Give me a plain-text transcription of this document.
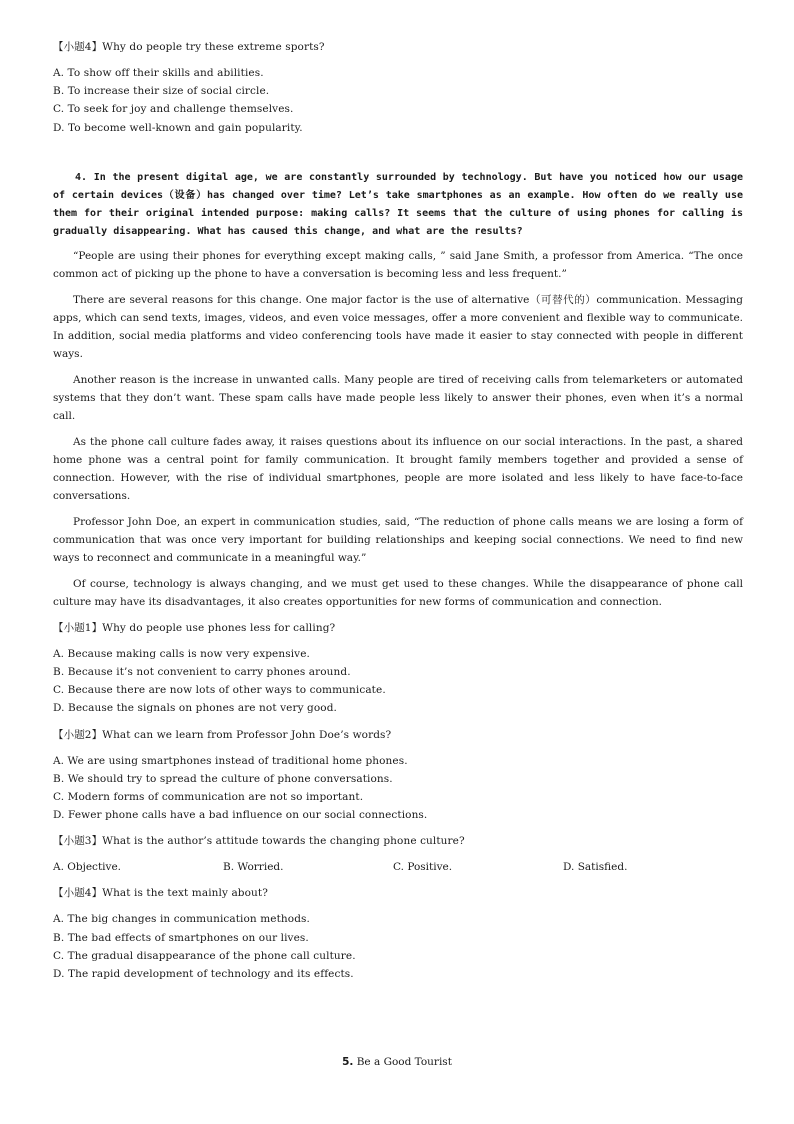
【小题4】Why do people try these extreme sports?
A. To show off their skills and abilities.
B. To increase their size of social circle.
C. To seek for joy and challenge themselves.
D. To become well-known and gain popularity.

4. In the present digital age, we are constantly surrounded by technology. But have you noticed how our usage of certain devices（设备）has changed over time? Let’s take smartphones as an example. How often do we really use them for their original intended purpose: making calls? It seems that the culture of using phones for calling is gradually disappearing. What has caused this change, and what are the results?

“People are using their phones for everything except making calls, ” said Jane Smith, a professor from America. “The once common act of picking up the phone to have a conversation is becoming less and less frequent.”

There are several reasons for this change. One major factor is the use of alternative（可替代的）communication. Messaging apps, which can send texts, images, videos, and even voice messages, offer a more convenient and flexible way to communicate. In addition, social media platforms and video conferencing tools have made it easier to stay connected with people in different ways.

Another reason is the increase in unwanted calls. Many people are tired of receiving calls from telemarketers or automated systems that they don’t want. These spam calls have made people less likely to answer their phones, even when it’s a normal call.

As the phone call culture fades away, it raises questions about its influence on our social interactions. In the past, a shared home phone was a central point for family communication. It brought family members together and provided a sense of connection. However, with the rise of individual smartphones, people are more isolated and less likely to have face-to-face conversations.

Professor John Doe, an expert in communication studies, said, “The reduction of phone calls means we are losing a form of communication that was once very important for building relationships and keeping social connections. We need to find new ways to reconnect and communicate in a meaningful way.”

Of course, technology is always changing, and we must get used to these changes. While the disappearance of phone call culture may have its disadvantages, it also creates opportunities for new forms of communication and connection.

【小题1】Why do people use phones less for calling?
A. Because making calls is now very expensive.
B. Because it’s not convenient to carry phones around.
C. Because there are now lots of other ways to communicate.
D. Because the signals on phones are not very good.
【小题2】What can we learn from Professor John Doe’s words?
A. We are using smartphones instead of traditional home phones.
B. We should try to spread the culture of phone conversations.
C. Modern forms of communication are not so important.
D. Fewer phone calls have a bad influence on our social connections.
【小题3】What is the author’s attitude towards the changing phone culture?
A. Objective.	B. Worried.	C. Positive.	D. Satisfied.
【小题4】What is the text mainly about?
A. The big changes in communication methods.
B. The bad effects of smartphones on our lives.
C. The gradual disappearance of the phone call culture.
D. The rapid development of technology and its effects.
5. Be a Good Tourist
